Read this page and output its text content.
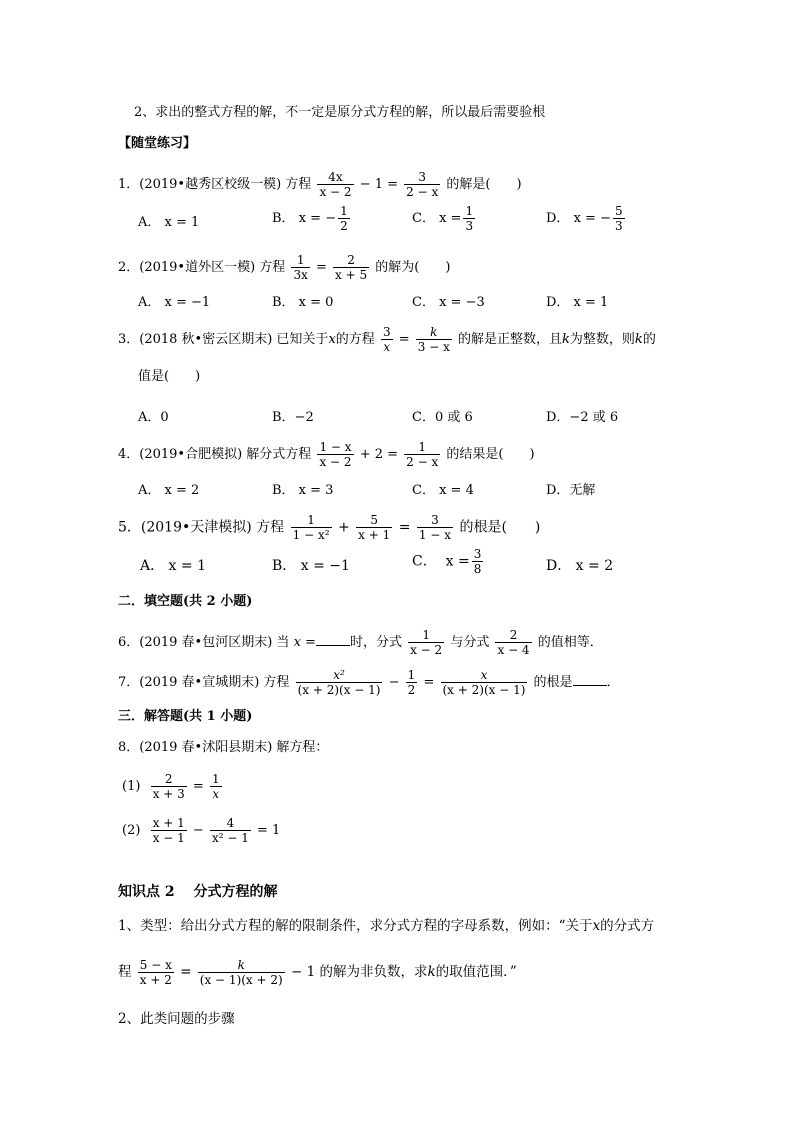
2、求出的整式方程的解，不一定是原分式方程的解，所以最后需要验根
【随堂练习】
1．(2019•越秀区校级一模) 方程 $\frac{4x}{x - 2} - 1 = \frac{3}{2 - x}$ 的解是(　　)
A． x = 1	B． x = − $\frac{1}{2}$	C． $x = \frac{1}{3}$	D． x = − $\frac{5}{3}$
2．(2019•道外区一模) 方程 $\frac{1}{3x} = \frac{2}{x + 5}$ 的解为(　　)
A． x = −1	B． x = 0	C． x = −3	D． x = 1
3．(2018 秋•密云区期末) 已知关于x的方程 $\frac{3}{x} = \frac{k}{3 - x}$ 的解是正整数，且k为整数，则k的
值是(　　)
A．0	B．−2	C．0 或 6	D．−2 或 6
4．(2019•合肥模拟) 解分式方程 $\frac{1 - x}{x - 2} + 2 = \frac{1}{2 - x}$ 的结果是(　　)
A． x = 2	B． x = 3	C． x = 4	D．无解
5．(2019•天津模拟) 方程 $\frac{1}{\text{1 − x²}} + \frac{5}{x + 1} = \frac{3}{1 - x}$ 的根是(　　)
A． x = 1	B． x = −1	C． $x = \frac{3}{8}$	D． x = 2
二．填空题(共 2 小题)
6．(2019 春•包河区期末) 当 x =	时，分式 $\frac{1}{x - 2}$ 与分式 $\frac{2}{x - 4}$ 的值相等．
7．(2019 春•宣城期末) 方程 $\frac{\text{x²}}{(x + 2)(x - 1)} - \frac{1}{2} = \frac{x}{(x + 2)(x - 1)}$ 的根是	．
三．解答题(共 1 小题)
8．(2019 春•沭阳县期末) 解方程：
$(1) \frac{2}{x + 3} = \frac{1}{x}$
$(2) \frac{x + 1}{x - 1} - \frac{4}{\text{x² − 1}} = 1$
知识点 2　 分式方程的解
1、类型：给出分式方程的解的限制条件，求分式方程的字母系数，例如：“关于x的分式方
程 $\frac{5 - x}{x + 2} = \frac{k}{(x - 1)(x + 2)} - 1$ 的解为非负数，求k的取值范围．”
2、此类问题的步骤
